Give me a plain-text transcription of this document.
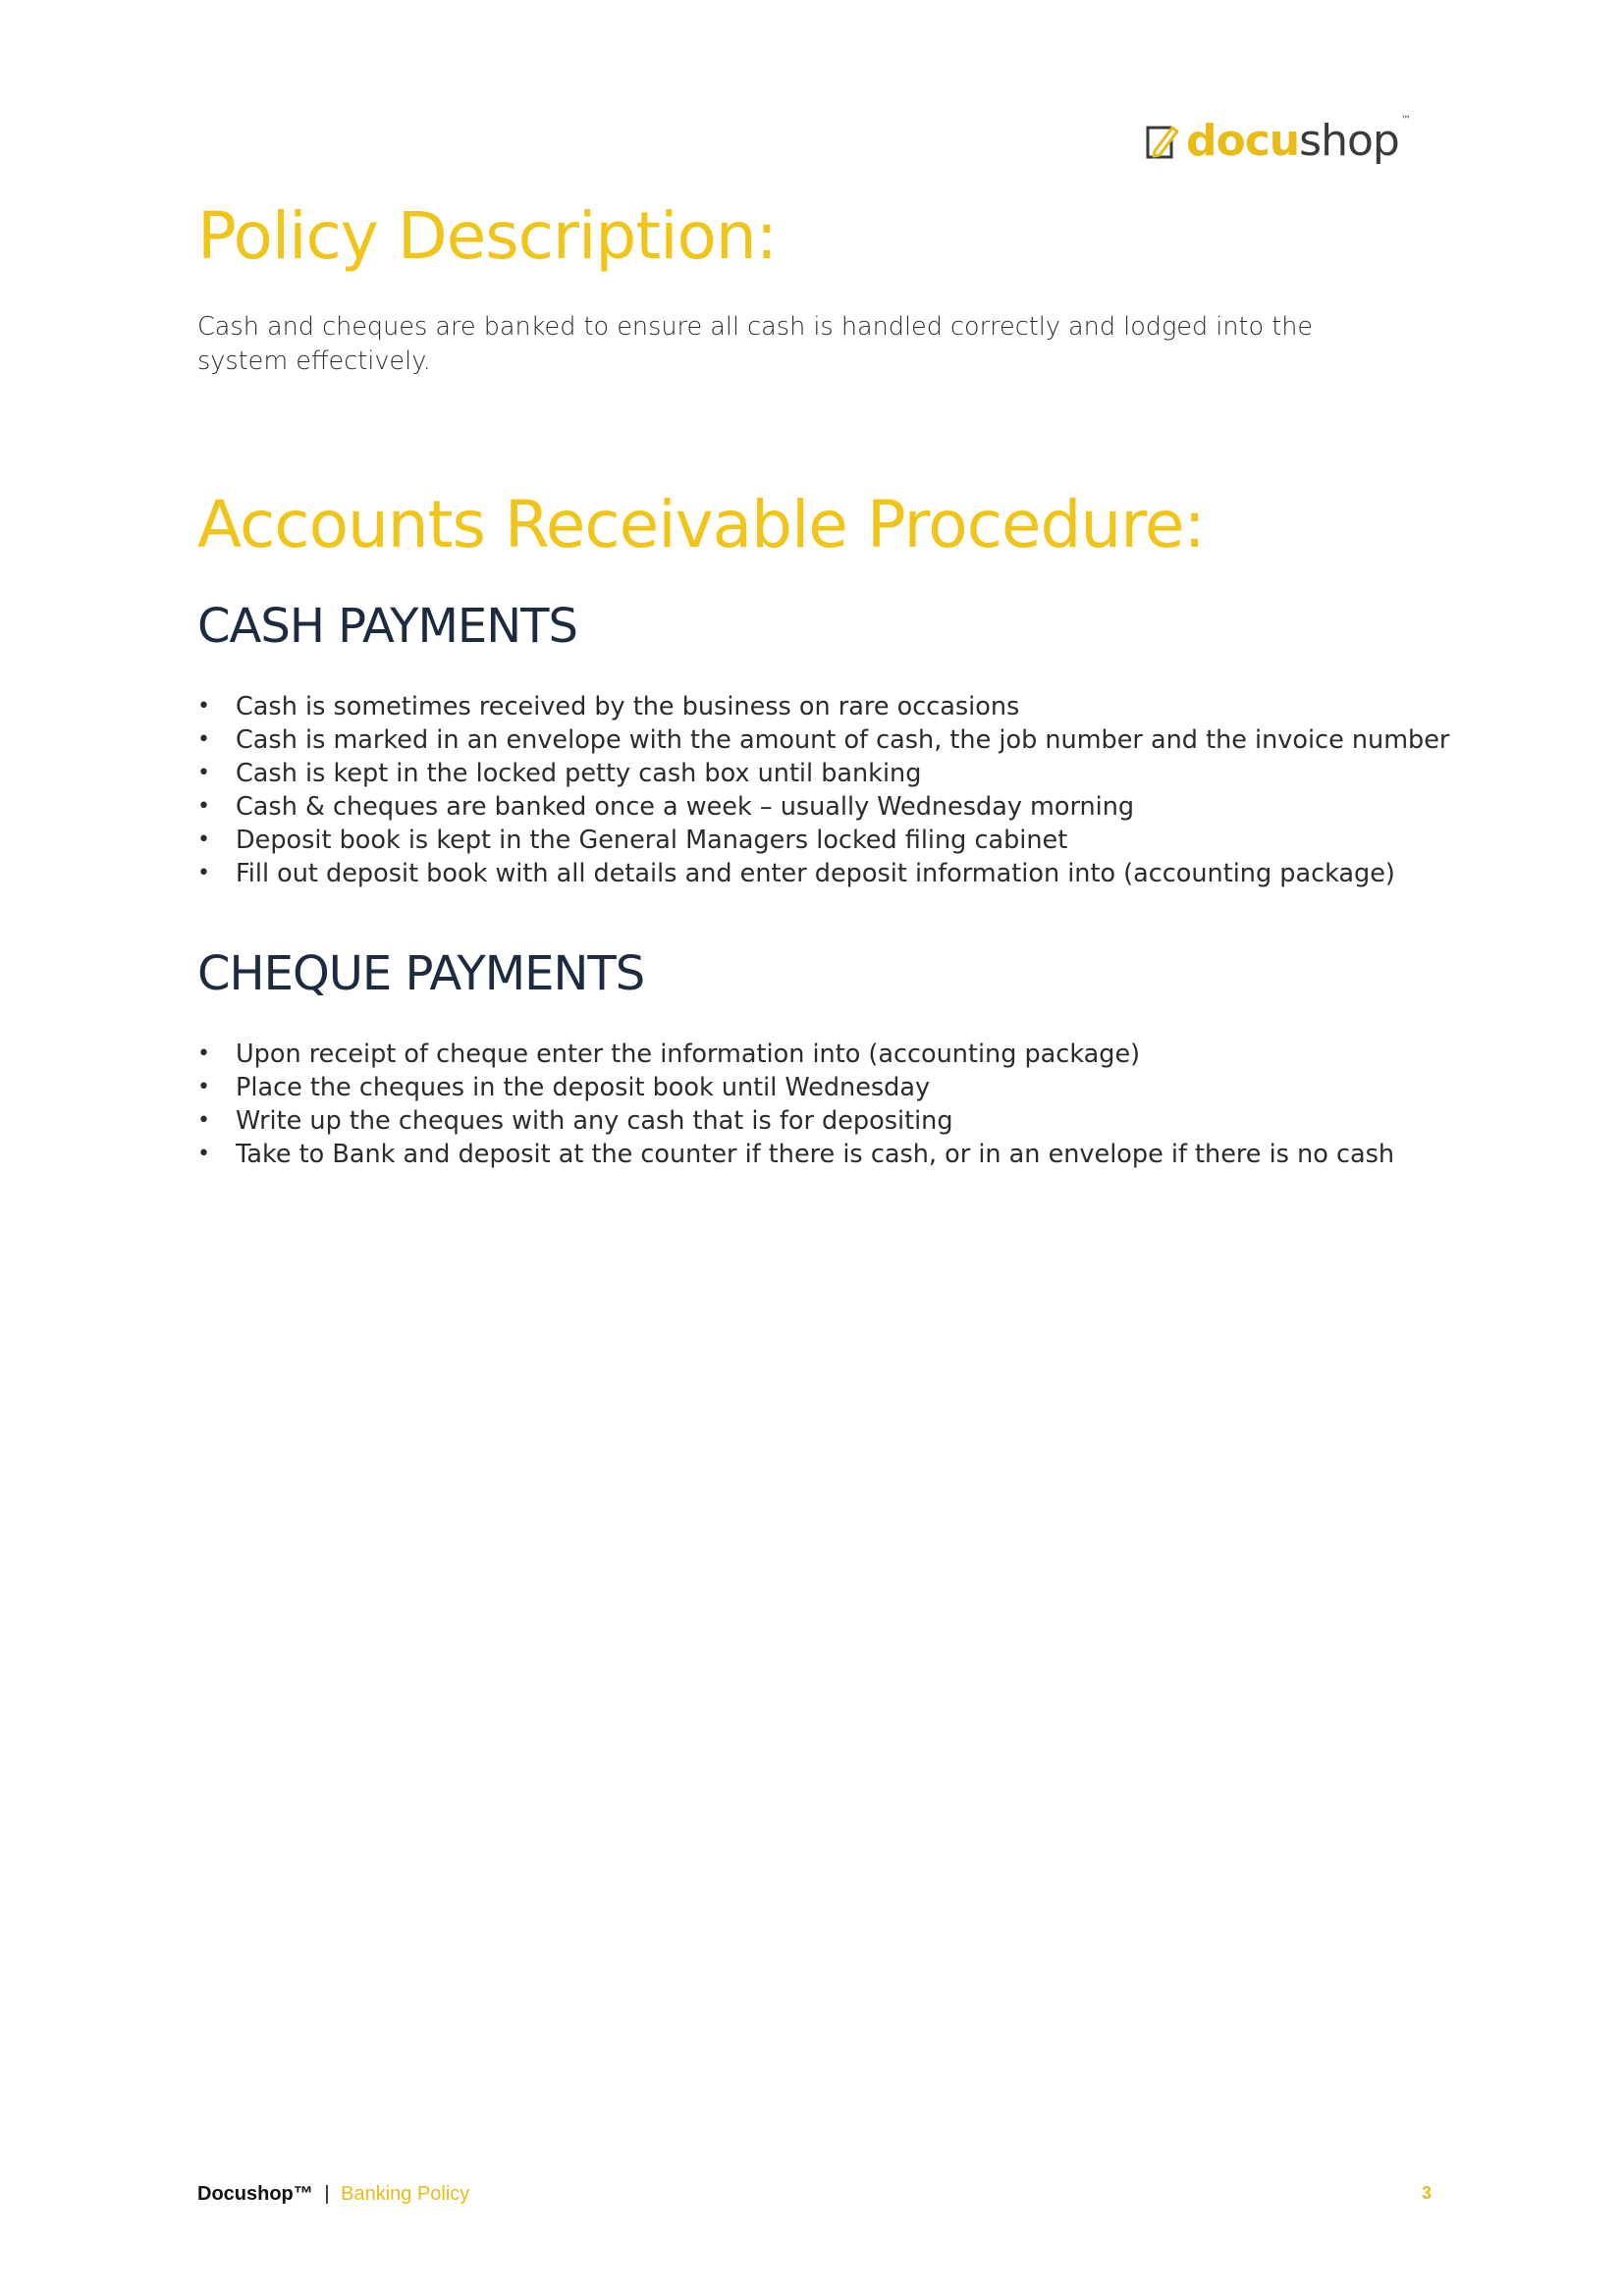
docushop ™
Policy Description:

Cash and cheques are banked to ensure all cash is handled correctly and lodged into the system effectively.

Accounts Receivable Procedure:
CASH PAYMENTS
• Cash is sometimes received by the business on rare occasions
• Cash is marked in an envelope with the amount of cash, the job number and the invoice number
• Cash is kept in the locked petty cash box until banking
• Cash & cheques are banked once a week – usually Wednesday morning
• Deposit book is kept in the General Managers locked filing cabinet
• Fill out deposit book with all details and enter deposit information into (accounting package)
CHEQUE PAYMENTS
• Upon receipt of cheque enter the information into (accounting package)
• Place the cheques in the deposit book until Wednesday
• Write up the cheques with any cash that is for depositing
• Take to Bank and deposit at the counter if there is cash, or in an envelope if there is no cash
Docushop™ | Banking Policy	3
